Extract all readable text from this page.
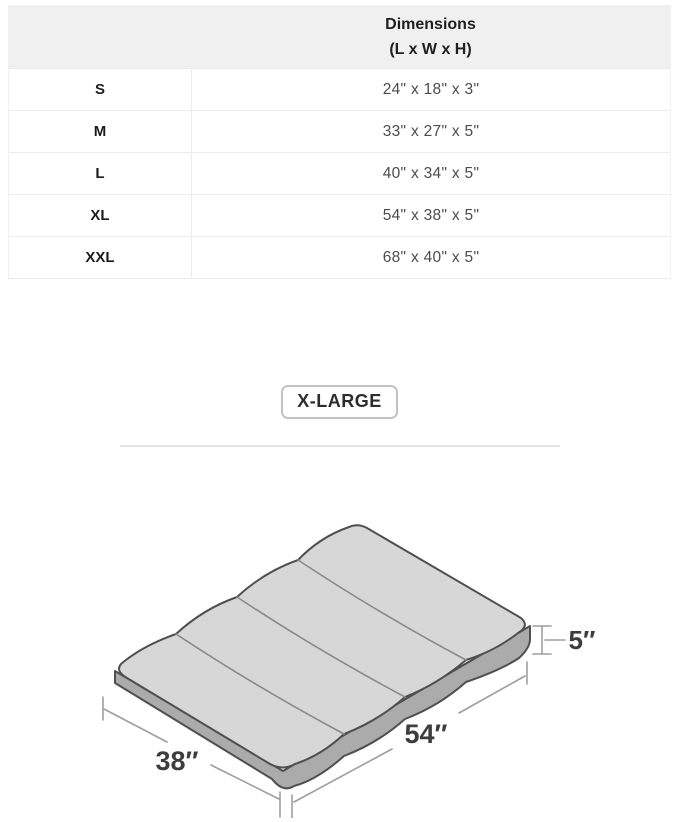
Dimensions
(L x W x H)
S	24" x 18" x 3"
M	33" x 27" x 5"
L	40" x 34" x 5"
XL	54" x 38" x 5"
XXL	68" x 40" x 5"
X-LARGE
38″
54″
5″
